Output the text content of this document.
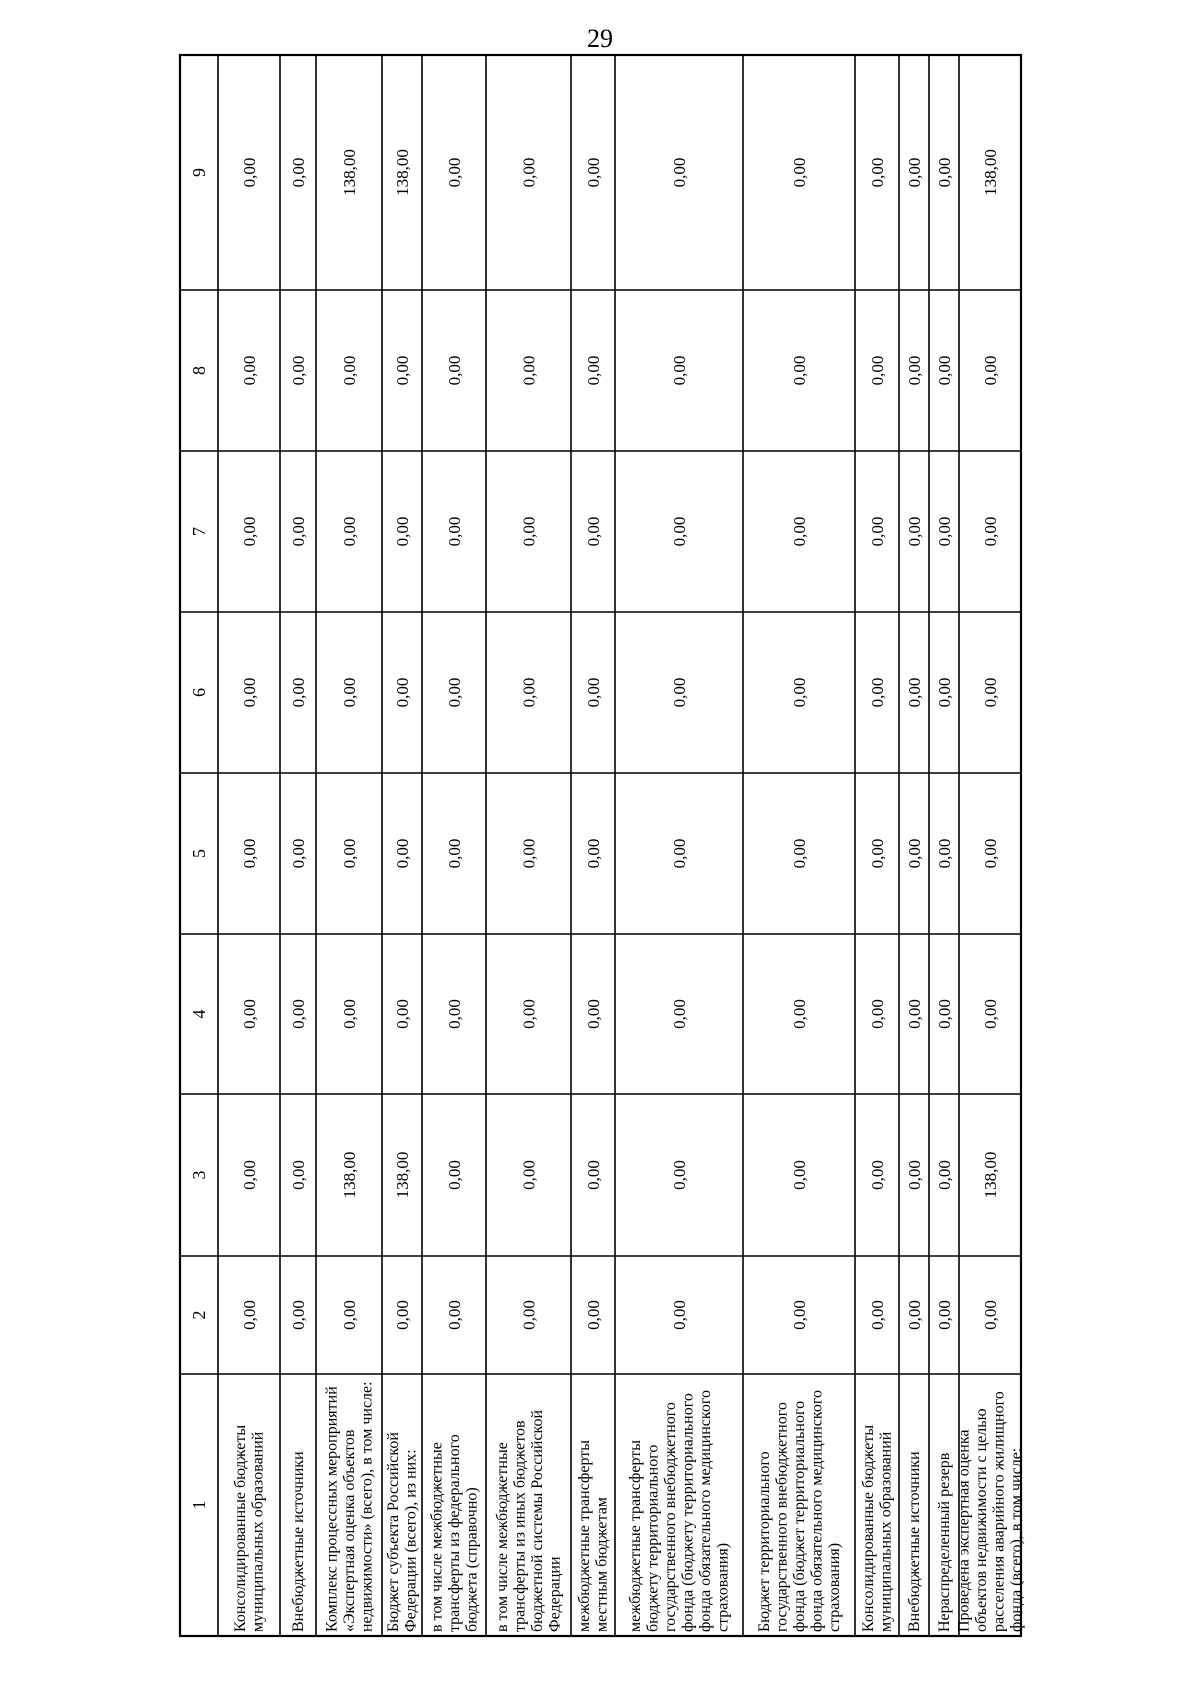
29
1
2
3
4
5
6
7
8
9
Консолидированные бюджетымуниципальных образований
0,00
0,00
0,00
0,00
0,00
0,00
0,00
0,00
Внебюджетные источники
0,00
0,00
0,00
0,00
0,00
0,00
0,00
0,00
Комплекс процессных мероприятий«Экспертная оценка объектовнедвижимости» (всего), в том числе:
0,00
138,00
0,00
0,00
0,00
0,00
0,00
138,00
Бюджет субъекта РоссийскойФедерации (всего), из них:
0,00
138,00
0,00
0,00
0,00
0,00
0,00
138,00
в том числе межбюджетныетрансферты из федеральногобюджета (справочно)
0,00
0,00
0,00
0,00
0,00
0,00
0,00
0,00
в том числе межбюджетныетрансферты из иных бюджетовбюджетной системы РоссийскойФедерации
0,00
0,00
0,00
0,00
0,00
0,00
0,00
0,00
межбюджетные трансфертыместным бюджетам
0,00
0,00
0,00
0,00
0,00
0,00
0,00
0,00
межбюджетные трансфертыбюджету территориальногогосударственного внебюджетногофонда (бюджету территориальногофонда обязательного медицинскогострахования)
0,00
0,00
0,00
0,00
0,00
0,00
0,00
0,00
Бюджет территориальногогосударственного внебюджетногофонда (бюджет территориальногофонда обязательного медицинскогострахования)
0,00
0,00
0,00
0,00
0,00
0,00
0,00
0,00
Консолидированные бюджетымуниципальных образований
0,00
0,00
0,00
0,00
0,00
0,00
0,00
0,00
Внебюджетные источники
0,00
0,00
0,00
0,00
0,00
0,00
0,00
0,00
Нераспределенный резерв
0,00
0,00
0,00
0,00
0,00
0,00
0,00
0,00
Проведена экспертная оценкаобъектов недвижимости с цельюрасселения аварийного жилищногофонда (всего), в том числе:
0,00
138,00
0,00
0,00
0,00
0,00
0,00
138,00
